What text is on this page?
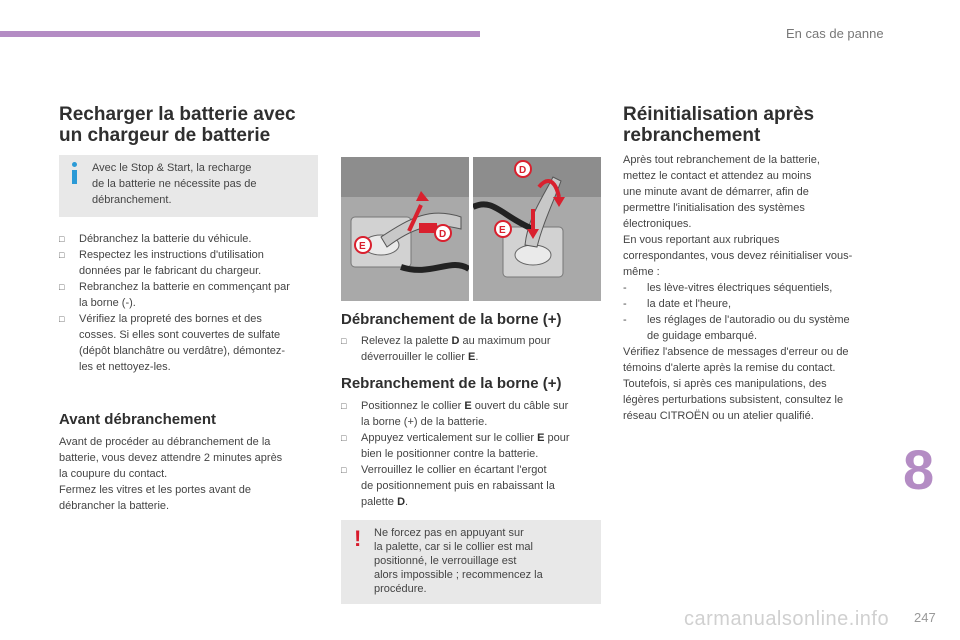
En cas de panne
Recharger la batterie avec
un chargeur de batterie
Avec le Stop & Start, la recharge
de la batterie ne nécessite pas de
débranchement.
□ Débranchez la batterie du véhicule.
□ Respectez les instructions d'utilisation
données par le fabricant du chargeur.
□ Rebranchez la batterie en commençant par
la borne (-).
□ Vérifiez la propreté des bornes et des
cosses. Si elles sont couvertes de sulfate
(dépôt blanchâtre ou verdâtre), démontez-
les et nettoyez-les.
Avant débranchement
Avant de procéder au débranchement de la
batterie, vous devez attendre 2 minutes après
la coupure du contact.
Fermez les vitres et les portes avant de
débrancher la batterie.
E
D	E
D
Débranchement de la borne (+)
□ Relevez la palette D au maximum pour
déverrouiller le collier E.
Rebranchement de la borne (+)
□ Positionnez le collier E ouvert du câble sur
la borne (+) de la batterie.
□ Appuyez verticalement sur le collier E pour
bien le positionner contre la batterie.
□ Verrouillez le collier en écartant l'ergot
de positionnement puis en rabaissant la
palette D.
! Ne forcez pas en appuyant sur
la palette, car si le collier est mal
positionné, le verrouillage est
alors impossible ; recommencez la
procédure.
Réinitialisation après
rebranchement
Après tout rebranchement de la batterie,
mettez le contact et attendez au moins
une minute avant de démarrer, afin de
permettre l'initialisation des systèmes
électroniques.
En vous reportant aux rubriques
correspondantes, vous devez réinitialiser vous-
même :
- les lève-vitres électriques séquentiels,
- la date et l'heure,
- les réglages de l'autoradio ou du système
de guidage embarqué.
Vérifiez l'absence de messages d'erreur ou de
témoins d'alerte après la remise du contact.
Toutefois, si après ces manipulations, des
légères perturbations subsistent, consultez le
réseau CITROËN ou un atelier qualifié.
8
carmanualsonline.info 247
